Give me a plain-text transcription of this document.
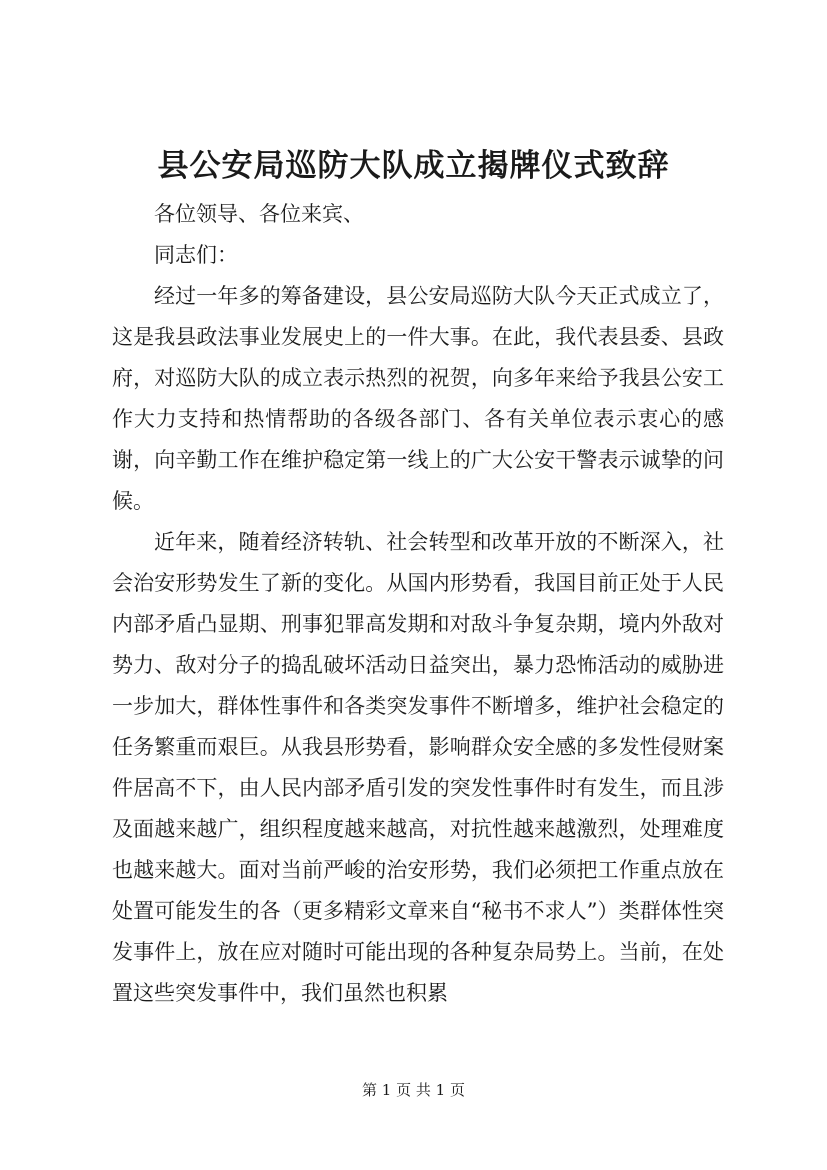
县公安局巡防大队成立揭牌仪式致辞

各位领导、各位来宾、

同志们：

经过一年多的筹备建设，县公安局巡防大队今天正式成立了，这是我县政法事业发展史上的一件大事。在此，我代表县委、县政府，对巡防大队的成立表示热烈的祝贺，向多年来给予我县公安工作大力支持和热情帮助的各级各部门、各有关单位表示衷心的感谢，向辛勤工作在维护稳定第一线上的广大公安干警表示诚挚的问候。

近年来，随着经济转轨、社会转型和改革开放的不断深入，社会治安形势发生了新的变化。从国内形势看，我国目前正处于人民内部矛盾凸显期、刑事犯罪高发期和对敌斗争复杂期，境内外敌对势力、敌对分子的捣乱破坏活动日益突出，暴力恐怖活动的威胁进一步加大，群体性事件和各类突发事件不断增多，维护社会稳定的任务繁重而艰巨。从我县形势看，影响群众安全感的多发性侵财案件居高不下，由人民内部矛盾引发的突发性事件时有发生，而且涉及面越来越广，组织程度越来越高，对抗性越来越激烈，处理难度也越来越大。面对当前严峻的治安形势，我们必须把工作重点放在处置可能发生的各（更多精彩文章来自“秘书不求人”）类群体性突发事件上，放在应对随时可能出现的各种复杂局势上。当前，在处置这些突发事件中，我们虽然也积累

第 1 页 共 1 页
